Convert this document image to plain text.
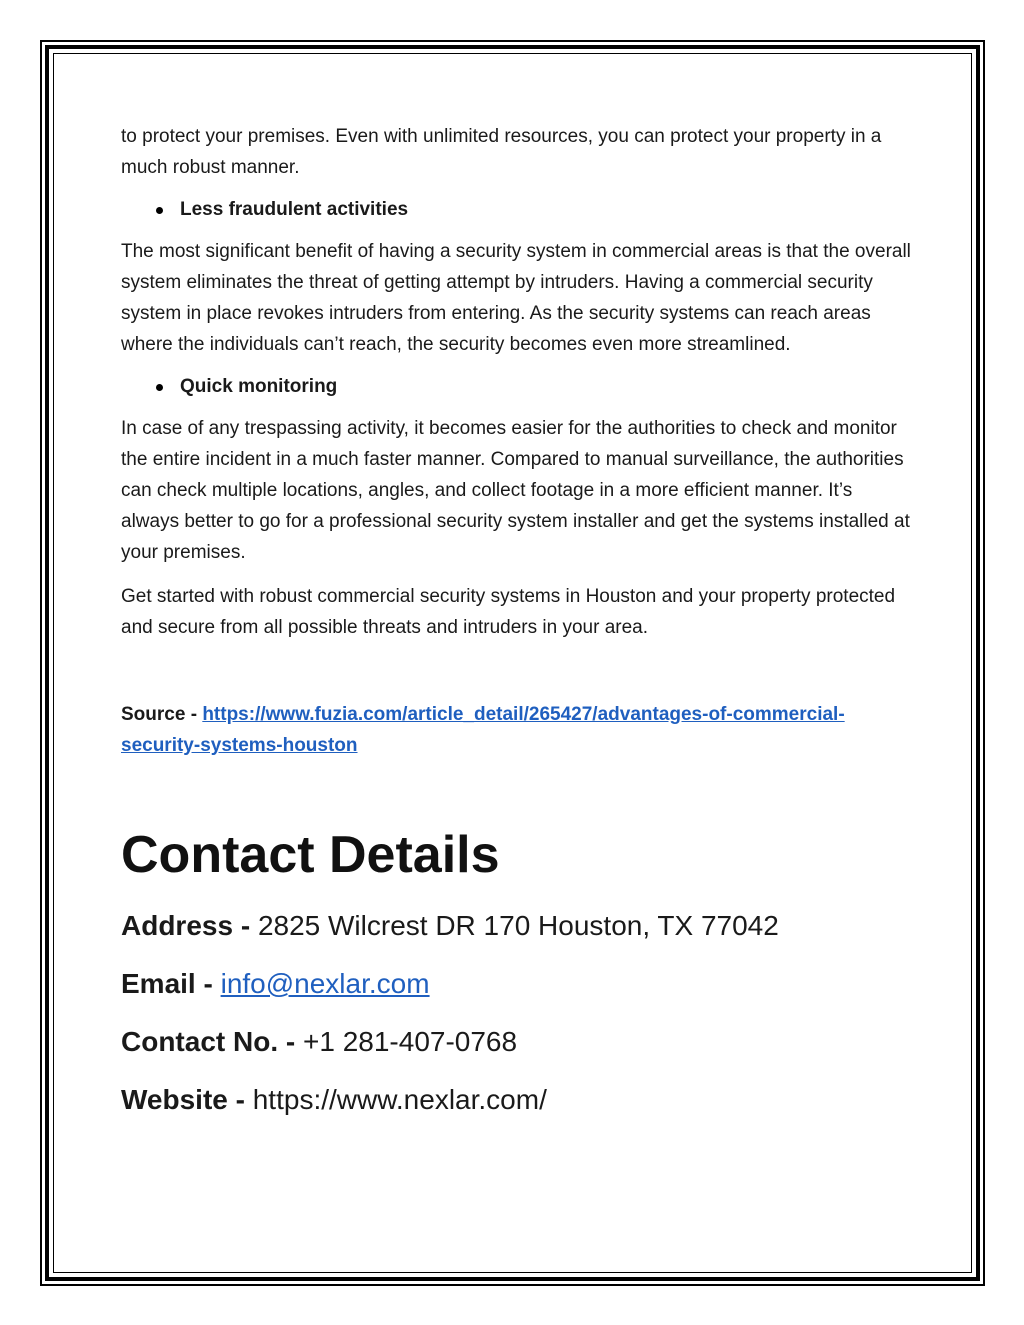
to protect your premises. Even with unlimited resources, you can protect your property in a much robust manner.

Less fraudulent activities

The most significant benefit of having a security system in commercial areas is that the overall system eliminates the threat of getting attempt by intruders. Having a commercial security system in place revokes intruders from entering. As the security systems can reach areas where the individuals can’t reach, the security becomes even more streamlined.

Quick monitoring

In case of any trespassing activity, it becomes easier for the authorities to check and monitor the entire incident in a much faster manner. Compared to manual surveillance, the authorities can check multiple locations, angles, and collect footage in a more efficient manner. It’s always better to go for a professional security system installer and get the systems installed at your premises.

Get started with robust commercial security systems in Houston and your property protected and secure from all possible threats and intruders in your area.

Source - https://www.fuzia.com/article_detail/265427/advantages-of-commercial-security-systems-houston
Contact Details
Address - 2825 Wilcrest DR 170 Houston, TX 77042
Email - info@nexlar.com
Contact No. - +1 281-407-0768
Website - https://www.nexlar.com/
